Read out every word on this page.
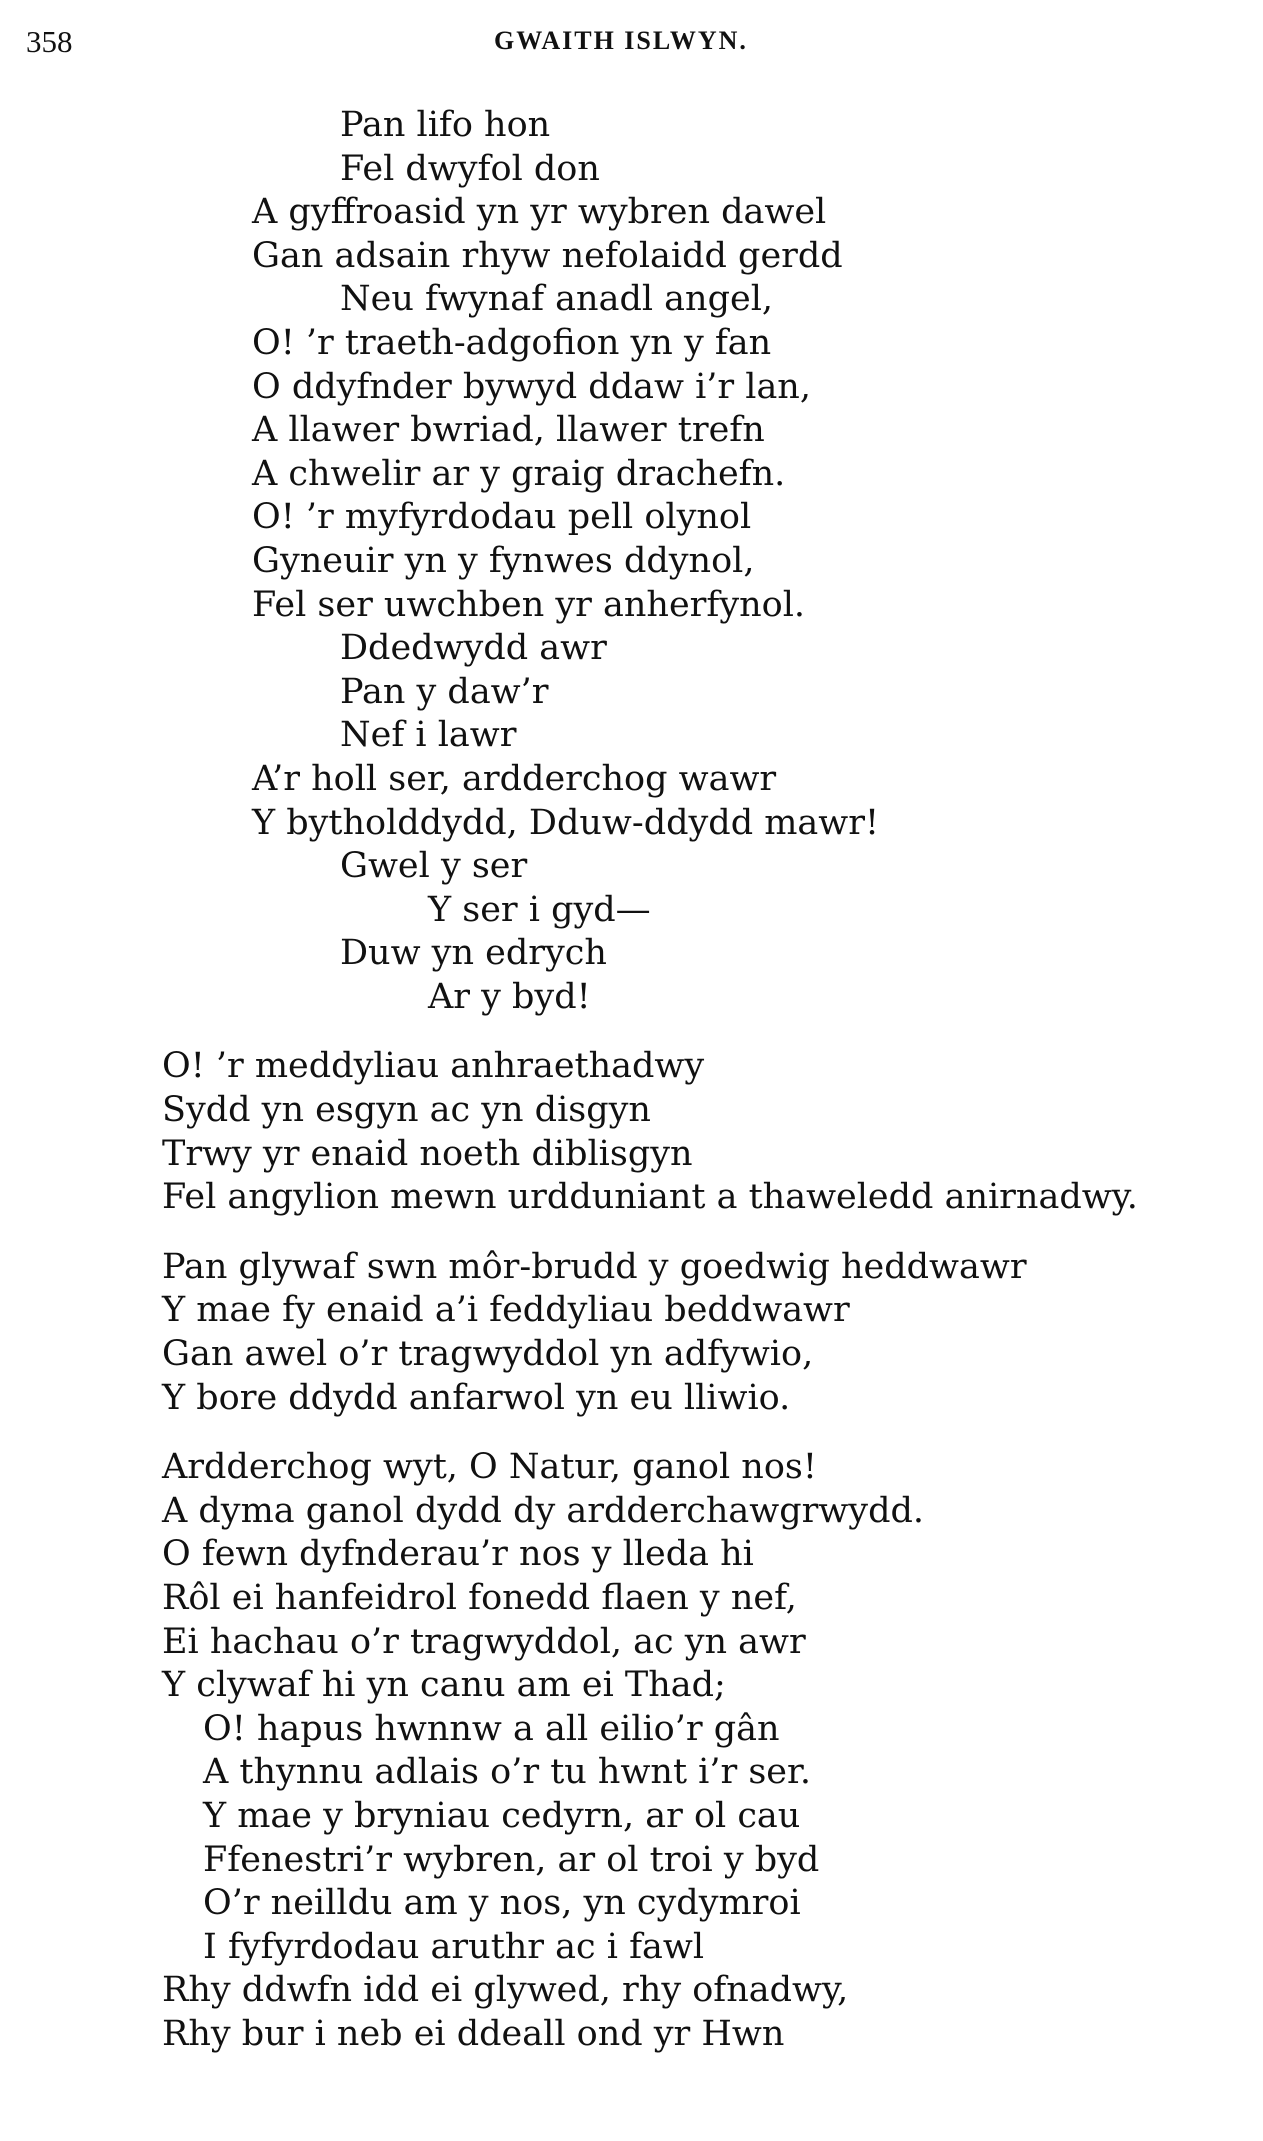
358	GWAITH ISLWYN.
Pan lifo hon
Fel dwyfol don
A gyffroasid yn yr wybren dawel
Gan adsain rhyw nefolaidd gerdd
Neu fwynaf anadl angel,
O! ’r traeth-adgofion yn y fan
O ddyfnder bywyd ddaw i’r lan,
A llawer bwriad, llawer trefn
A chwelir ar y graig drachefn.
O! ’r myfyrdodau pell olynol
Gyneuir yn y fynwes ddynol,
Fel ser uwchben yr anherfynol.
Ddedwydd awr
Pan y daw’r
Nef i lawr
A’r holl ser, ardderchog wawr
Y bytholddydd, Dduw-ddydd mawr!
Gwel y ser
Y ser i gyd—
Duw yn edrych
Ar y byd!
O! ’r meddyliau anhraethadwy
Sydd yn esgyn ac yn disgyn
Trwy yr enaid noeth diblisgyn
Fel angylion mewn urdduniant a thaweledd anirnadwy.
Pan glywaf swn môr-brudd y goedwig heddwawr
Y mae fy enaid a’i feddyliau beddwawr
Gan awel o’r tragwyddol yn adfywio,
Y bore ddydd anfarwol yn eu lliwio.
Ardderchog wyt, O Natur, ganol nos!
A dyma ganol dydd dy ardderchawgrwydd.
O fewn dyfnderau’r nos y lleda hi
Rôl ei hanfeidrol fonedd flaen y nef,
Ei hachau o’r tragwyddol, ac yn awr
Y clywaf hi yn canu am ei Thad;
O! hapus hwnnw a all eilio’r gân
A thynnu adlais o’r tu hwnt i’r ser.
Y mae y bryniau cedyrn, ar ol cau
Ffenestri’r wybren, ar ol troi y byd
O’r neilldu am y nos, yn cydymroi
I fyfyrdodau aruthr ac i fawl
Rhy ddwfn idd ei glywed, rhy ofnadwy,
Rhy bur i neb ei ddeall ond yr Hwn
